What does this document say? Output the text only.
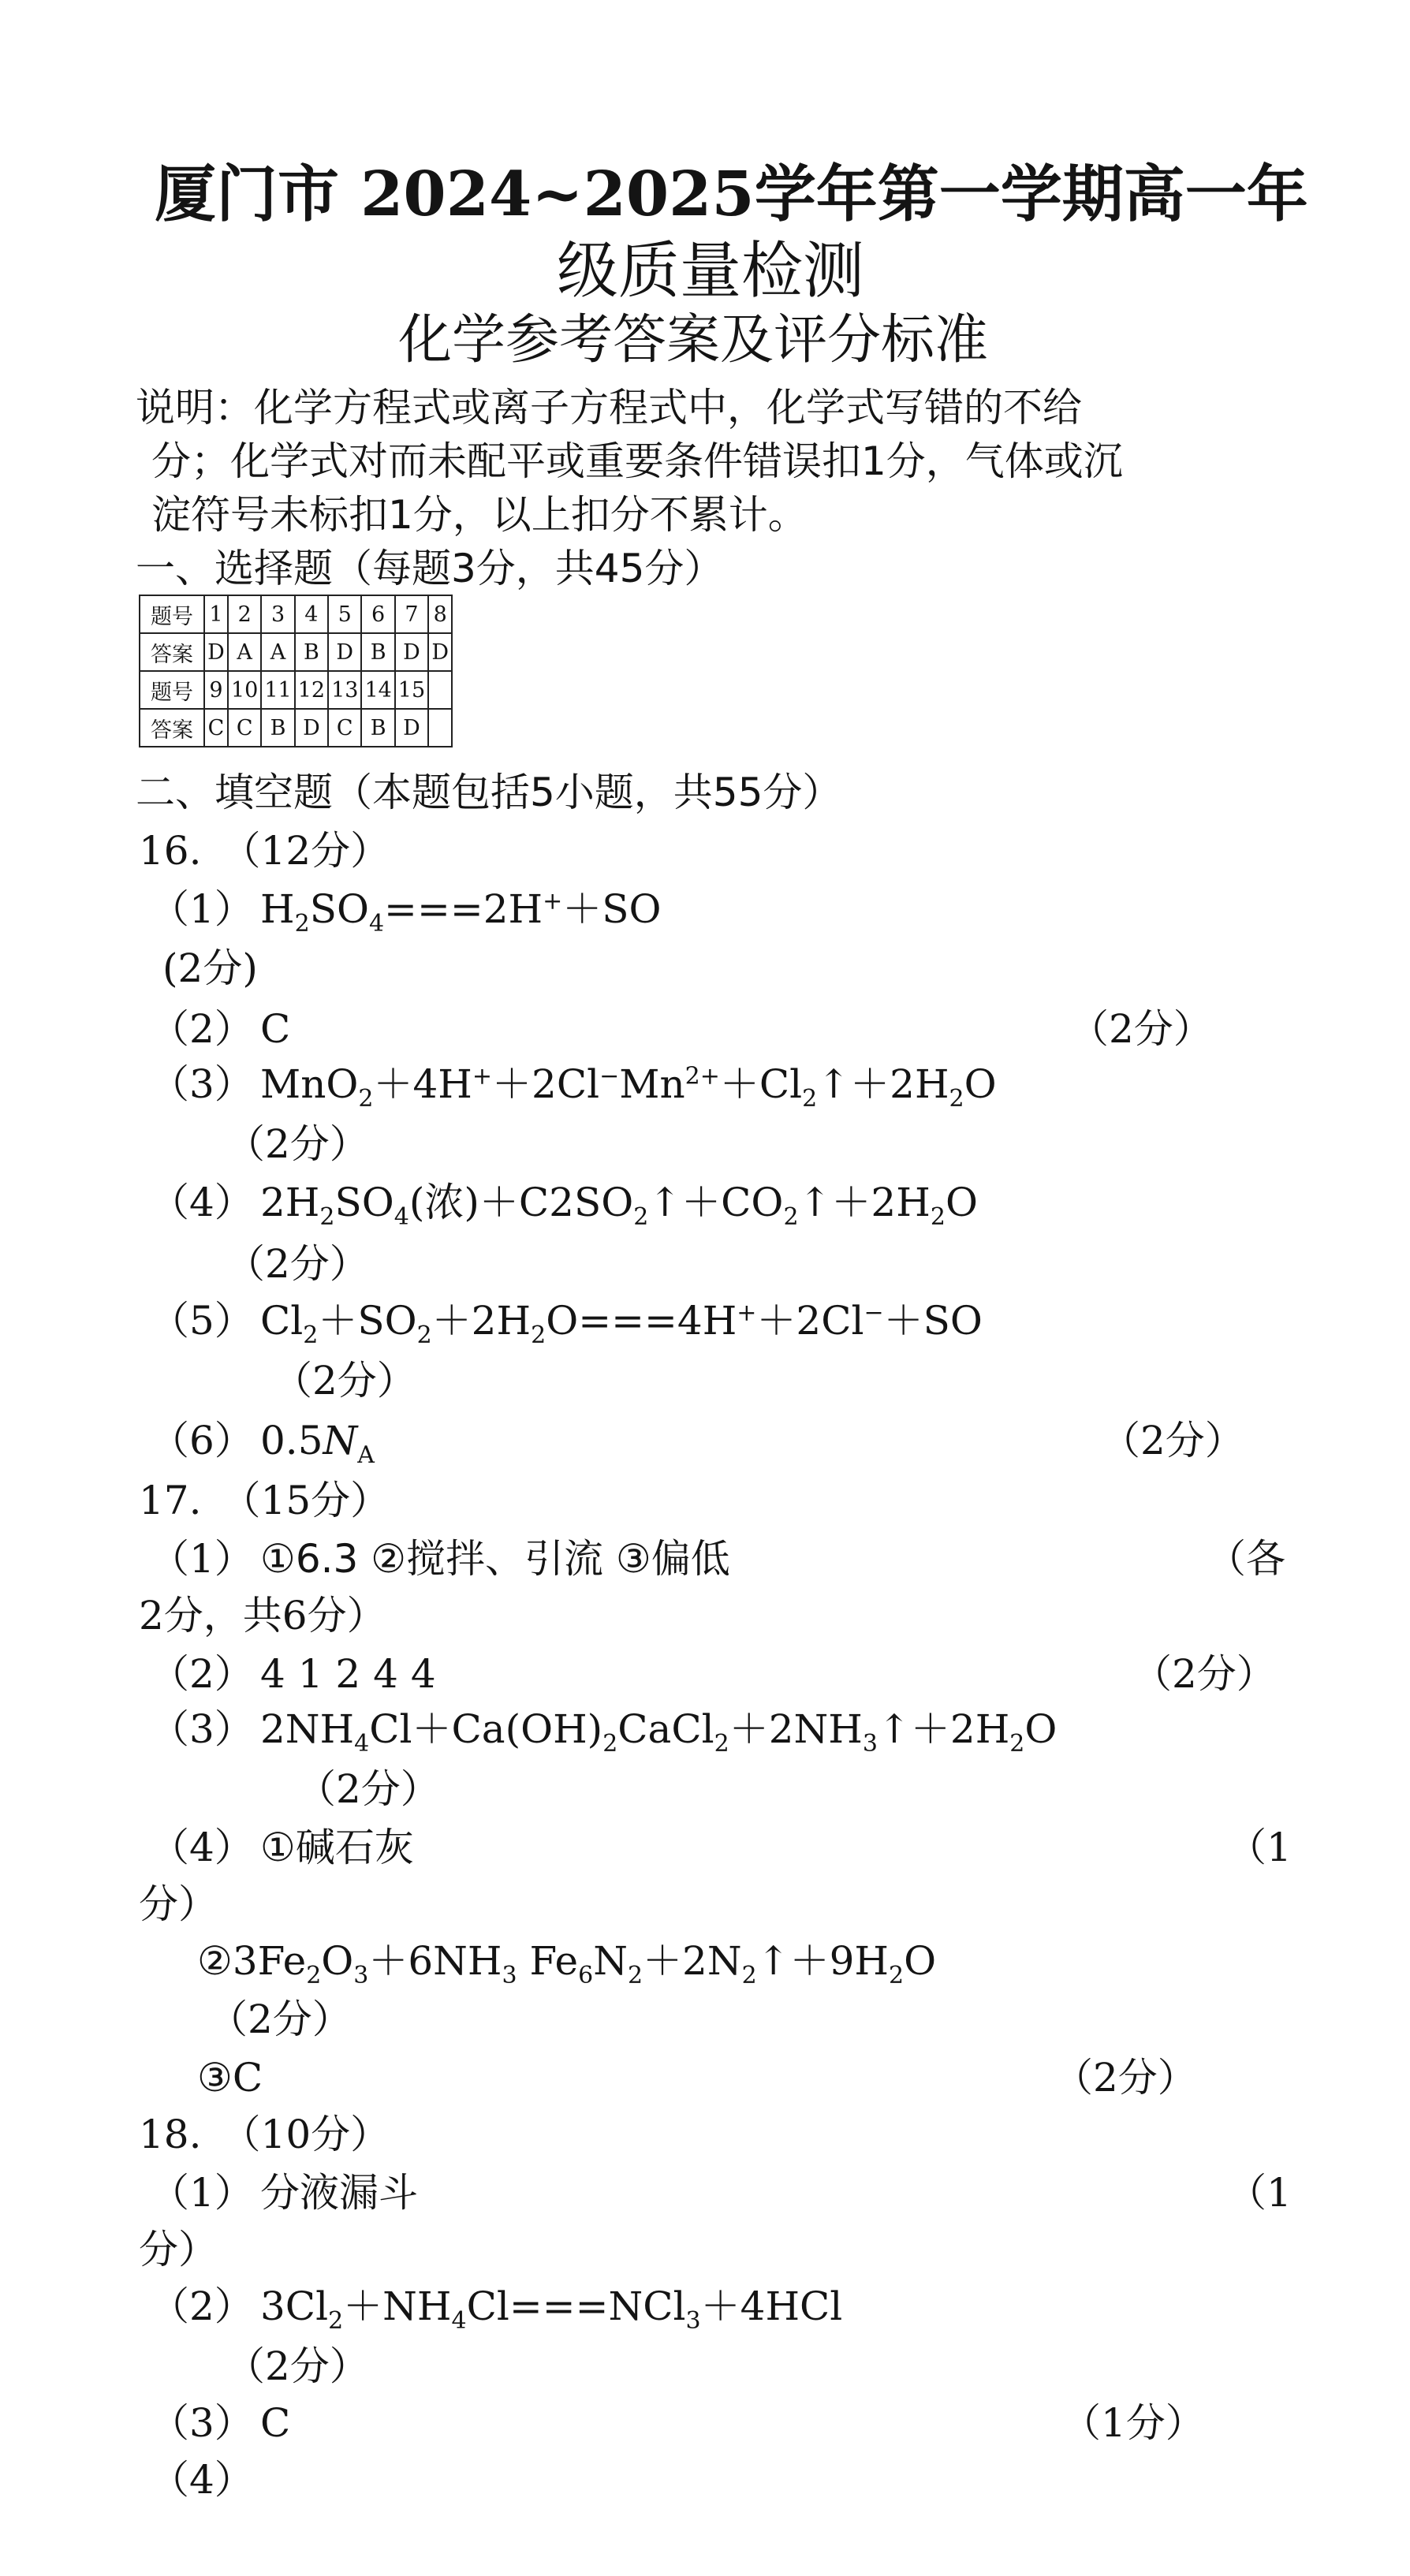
厦门市 2024~2025学年第一学期高一年
级质量检测
化学参考答案及评分标准
说明：化学方程式或离子方程式中，化学式写错的不给
分；化学式对而未配平或重要条件错误扣1分，气体或沉
淀符号未标扣1分，以上扣分不累计。
一、选择题（每题3分，共45分）
题号	1	2	3	4	5	6	7	8
答案	D	A	A	B	D	B	D	D
题号	9	10	11	12	13	14	15	
答案	C	C	B	D	C	B	D	
二、填空题（本题包括5小题，共55分）
16.　（12分）
（1） $H_2SO_4===2H^++SO$
(2分)
（2） C	（2分）
（3） $MnO_2+4H^++2Cl^-Mn^{2+}+Cl_2↑+2H_2O$
（2分）
（4） $2H_2SO_4$(浓)$+C2SO_2↑+CO_2↑+2H_2O$
（2分）
（5） $Cl_2+SO_2+2H_2O===4H^++2Cl^-+SO$
（2分）
（6） $0.5N_A$	（2分）
17.　（15分）
（1） ①6.3 ②搅拌、引流 ③偏低	（各
2分，共6分）
（2） 4 1 2 4 4	（2分）
（3） $2NH_4Cl+Ca(OH)_2CaCl_2+2NH_3↑+2H_2O$
（2分）
（4） ①碱石灰	（1
分）
$②3Fe_2O_3+6NH_3$ $Fe_6N_2+2N_2↑+9H_2O$
（2分）
③C	（2分）
18.　（10分）
（1） 分液漏斗	（1
分）
（2） $3Cl_2+NH_4Cl===NCl_3+4HCl$
（2分）
（3） C	（1分）
（4）
